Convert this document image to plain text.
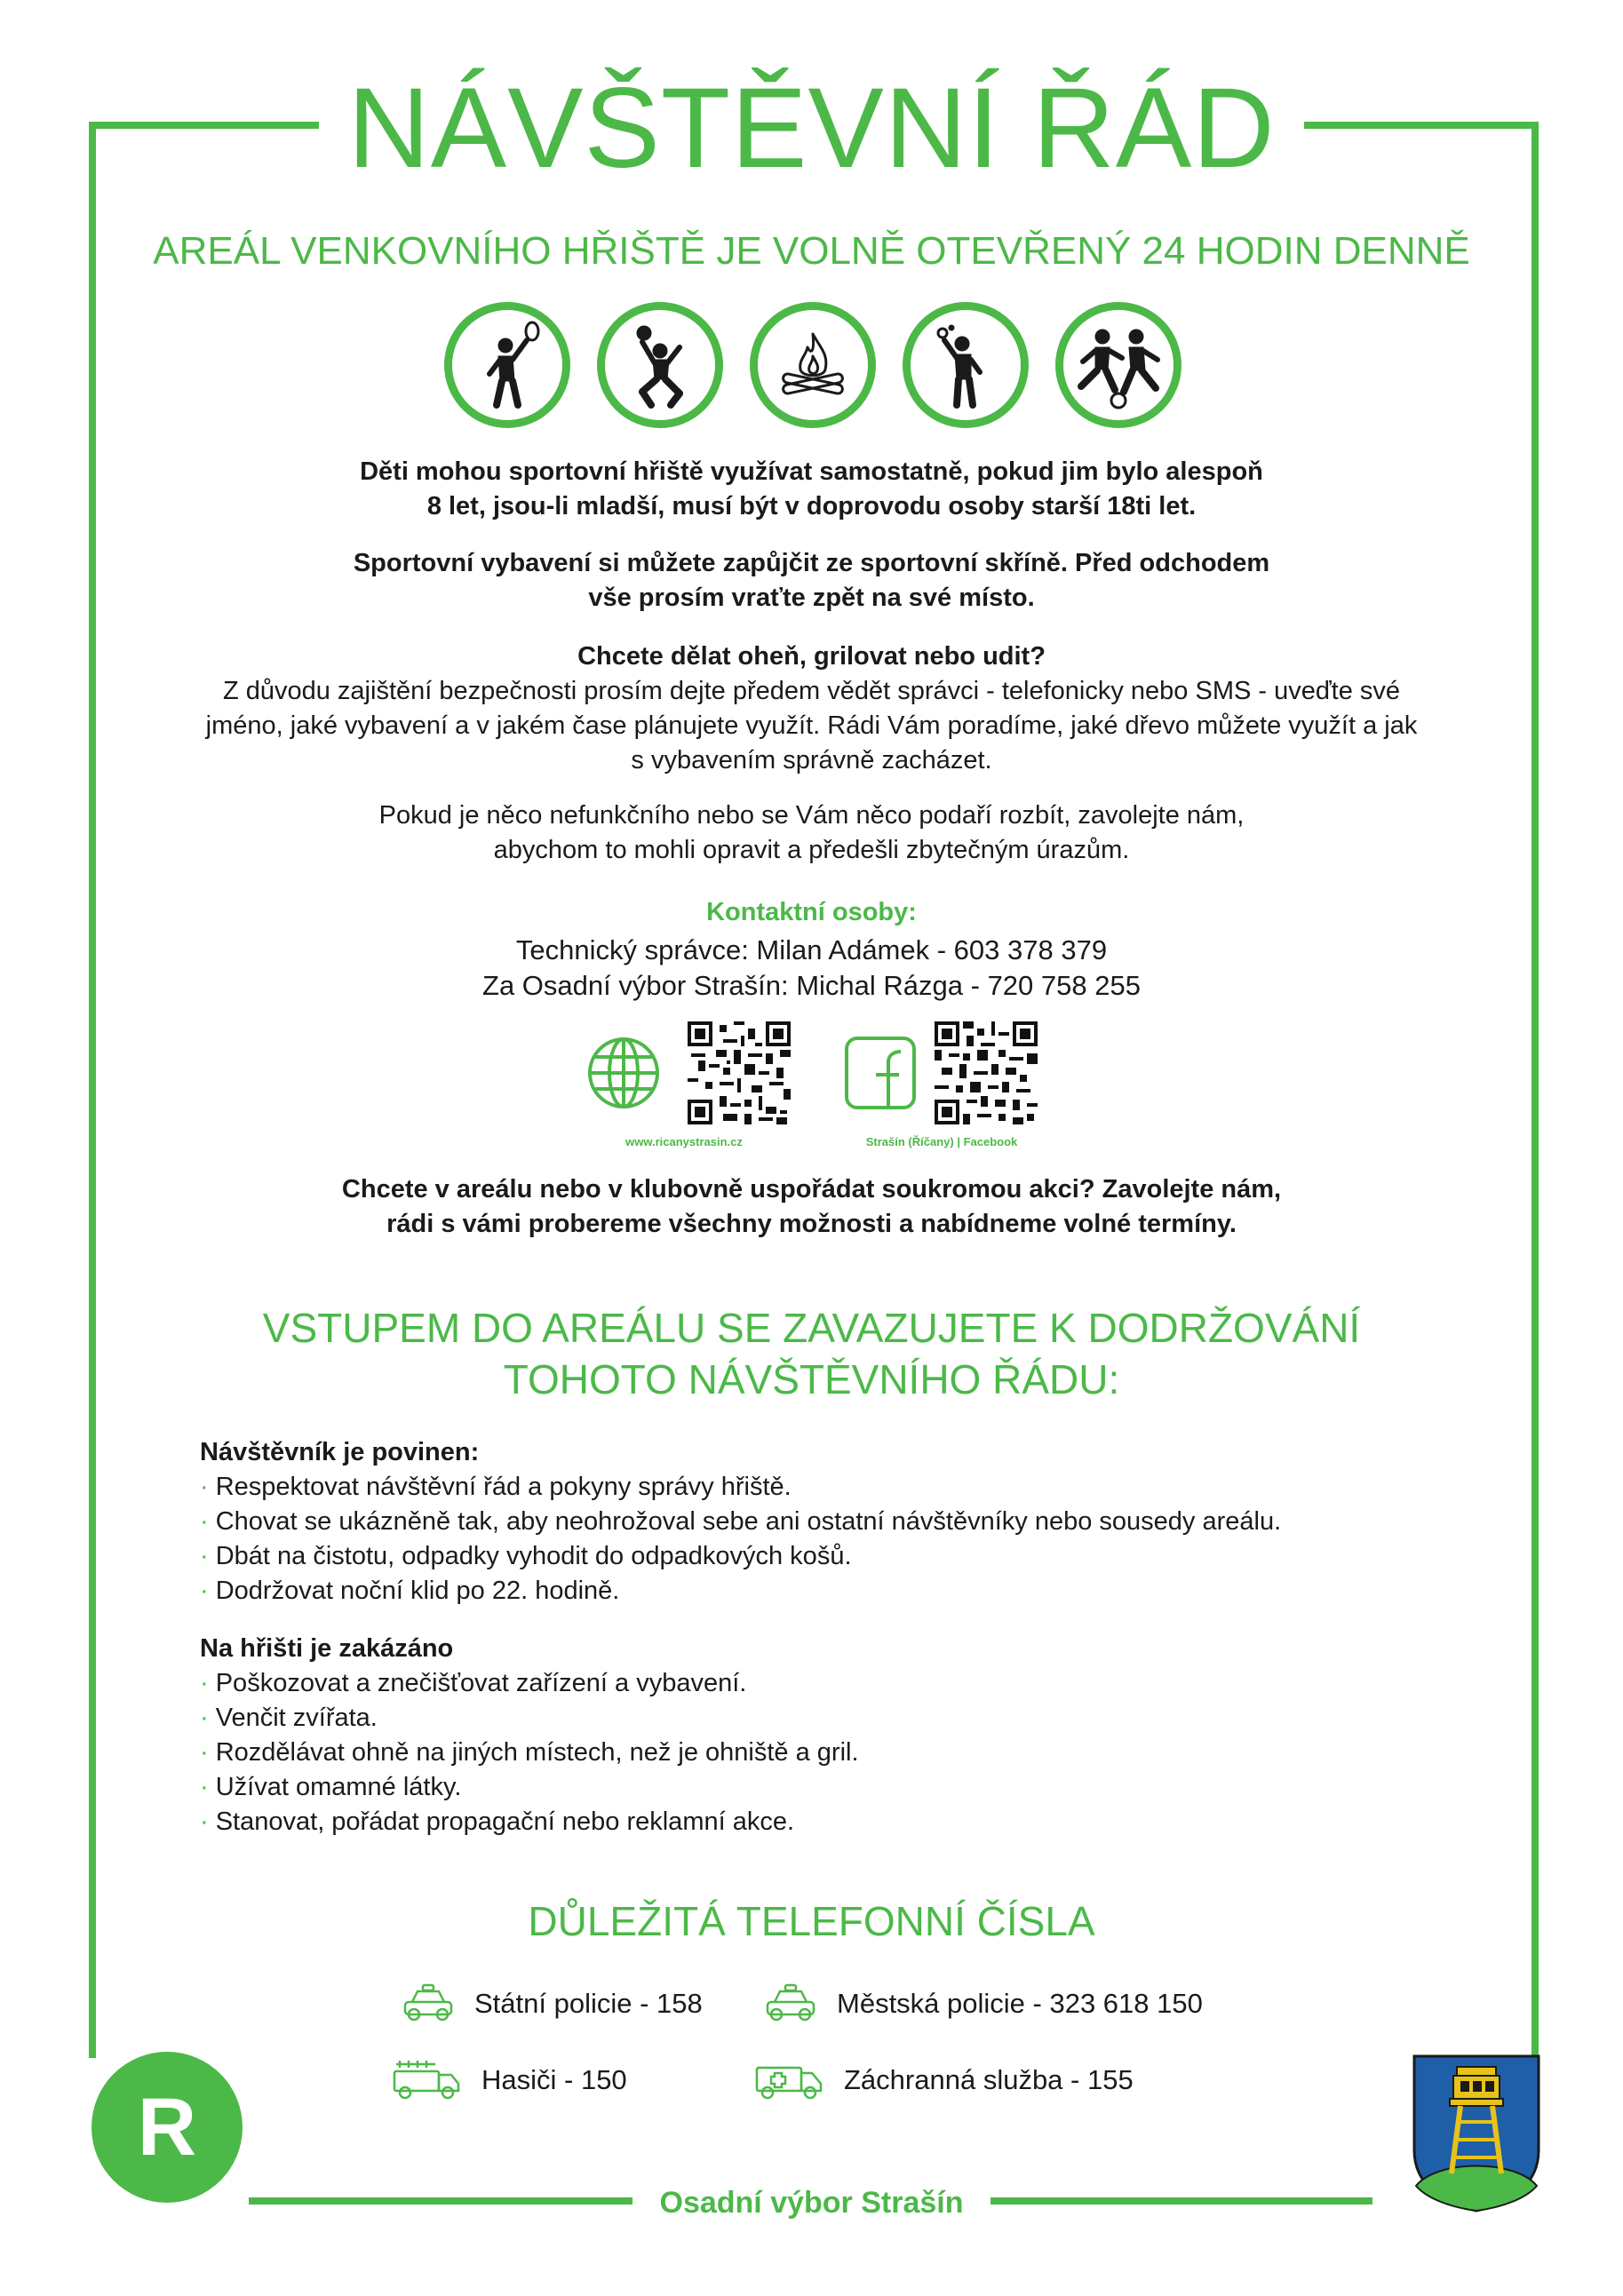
NÁVŠTĚVNÍ ŘÁD
AREÁL VENKOVNÍHO HŘIŠTĚ JE VOLNĚ OTEVŘENÝ 24 HODIN DENNĚ
Děti mohou sportovní hřiště využívat samostatně, pokud jim bylo alespoň
8 let, jsou-li mladší, musí být v doprovodu osoby starší 18ti let.
Sportovní vybavení si můžete zapůjčit ze sportovní skříně. Před odchodem
vše prosím vraťte zpět na své místo.
Chcete dělat oheň, grilovat nebo udit?
Z důvodu zajištění bezpečnosti prosím dejte předem vědět správci - telefonicky nebo SMS - uveďte své
jméno, jaké vybavení a v jakém čase plánujete využít. Rádi Vám poradíme, jaké dřevo můžete využít a jak
s vybavením správně zacházet.
Pokud je něco nefunkčního nebo se Vám něco podaří rozbít, zavolejte nám,
abychom to mohli opravit a předešli zbytečným úrazům.
Kontaktní osoby:
Technický správce: Milan Adámek - 603 378 379
Za Osadní výbor Strašín: Michal Rázga - 720 758 255
www.ricanystrasin.cz	Strašín (Říčany) | Facebook
Chcete v areálu nebo v klubovně uspořádat soukromou akci? Zavolejte nám,
rádi s vámi probereme všechny možnosti a nabídneme volné termíny.
VSTUPEM DO AREÁLU SE ZAVAZUJETE K DODRŽOVÁNÍ
TOHOTO NÁVŠTĚVNÍHO ŘÁDU:
Návštěvník je povinen:
· Respektovat návštěvní řád a pokyny správy hřiště.
· Chovat se ukázněně tak, aby neohrožoval sebe ani ostatní návštěvníky nebo sousedy areálu.
· Dbát na čistotu, odpadky vyhodit do odpadkových košů.
· Dodržovat noční klid po 22. hodině.
Na hřišti je zakázáno
· Poškozovat a znečišťovat zařízení a vybavení.
· Venčit zvířata.
· Rozdělávat ohně na jiných místech, než je ohniště a gril.
· Užívat omamné látky.
· Stanovat, pořádat propagační nebo reklamní akce.
DŮLEŽITÁ TELEFONNÍ ČÍSLA
Státní policie - 158	Městská policie - 323 618 150
Hasiči - 150	Záchranná služba - 155
R
Osadní výbor Strašín
